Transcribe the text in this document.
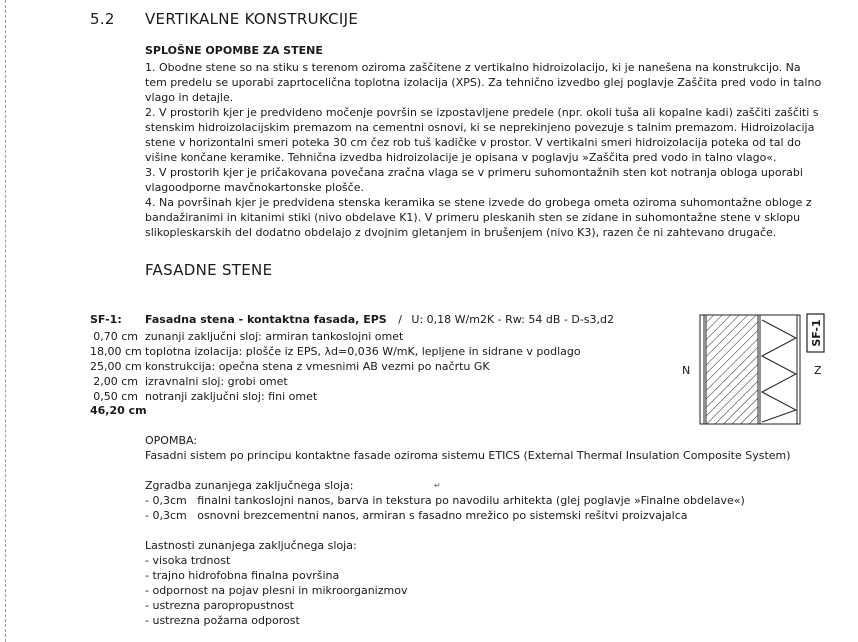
5.2 VERTIKALNE KONSTRUKCIJE
SPLOŠNE OPOMBE ZA STENE
1. Obodne stene so na stiku s terenom oziroma zaščitene z vertikalno hidroizolacijo, ki je nanešena na konstrukcijo. Na tem predelu se uporabi zaprtocelična toplotna izolacija (XPS). Za tehnično izvedbo glej poglavje Zaščita pred vodo in talno vlago in detajle.
2. V prostorih kjer je predvideno močenje površin se izpostavljene predele (npr. okoli tuša ali kopalne kadi) zaščiti zaščiti s stenskim hidroizolacijskim premazom na cementni osnovi, ki se neprekinjeno povezuje s talnim premazom. Hidroizolacija stene v horizontalni smeri poteka 30 cm čez rob tuš kadičke v prostor. V vertikalni smeri hidroizolacija poteka od tal do višine končane keramike. Tehnična izvedba hidroizolacije je opisana v poglavju »Zaščita pred vodo in talno vlago«.
3. V prostorih kjer je pričakovana povečana zračna vlaga se v primeru suhomontažnih sten kot notranja obloga uporabi vlagoodporne mavčnokartonske plošče.
4. Na površinah kjer je predvidena stenska keramika se stene izvede do grobega ometa oziroma suhomontažne obloge z bandažiranimi in kitanimi stiki (nivo obdelave K1). V primeru pleskanih sten se zidane in suhomontažne stene v sklopu slikopleskarskih del dodatno obdelajo z dvojnim gletanjem in brušenjem (nivo K3), razen če ni zahtevano drugače.
FASADNE STENE
SF-1: Fasadna stena - kontaktna fasada, EPS / U: 0,18 W/m2K - Rw: 54 dB - D-s3,d2
0,70 cm zunanji zaključni sloj: armiran tankoslojni omet
18,00 cm toplotna izolacija: plošče iz EPS, λd=0,036 W/mK, lepljene in sidrane v podlago
25,00 cm konstrukcija: opečna stena z vmesnimi AB vezmi po načrtu GK
2,00 cm izravnalni sloj: grobi omet
0,50 cm notranji zaključni sloj: fini omet
46,20 cm
N	Z
SF-1
OPOMBA:
Fasadni sistem po principu kontaktne fasade oziroma sistemu ETICS (External Thermal Insulation Composite System)
Zgradba zunanjega zaključnega sloja:	↵
- 0,3cm   finalni tankoslojni nanos, barva in tekstura po navodilu arhitekta (glej poglavje »Finalne obdelave«)
- 0,3cm   osnovni brezcementni nanos, armiran s fasadno mrežico po sistemski rešitvi proizvajalca
Lastnosti zunanjega zaključnega sloja:
- visoka trdnost
- trajno hidrofobna finalna površina
- odpornost na pojav plesni in mikroorganizmov
- ustrezna paropropustnost
- ustrezna požarna odporost
